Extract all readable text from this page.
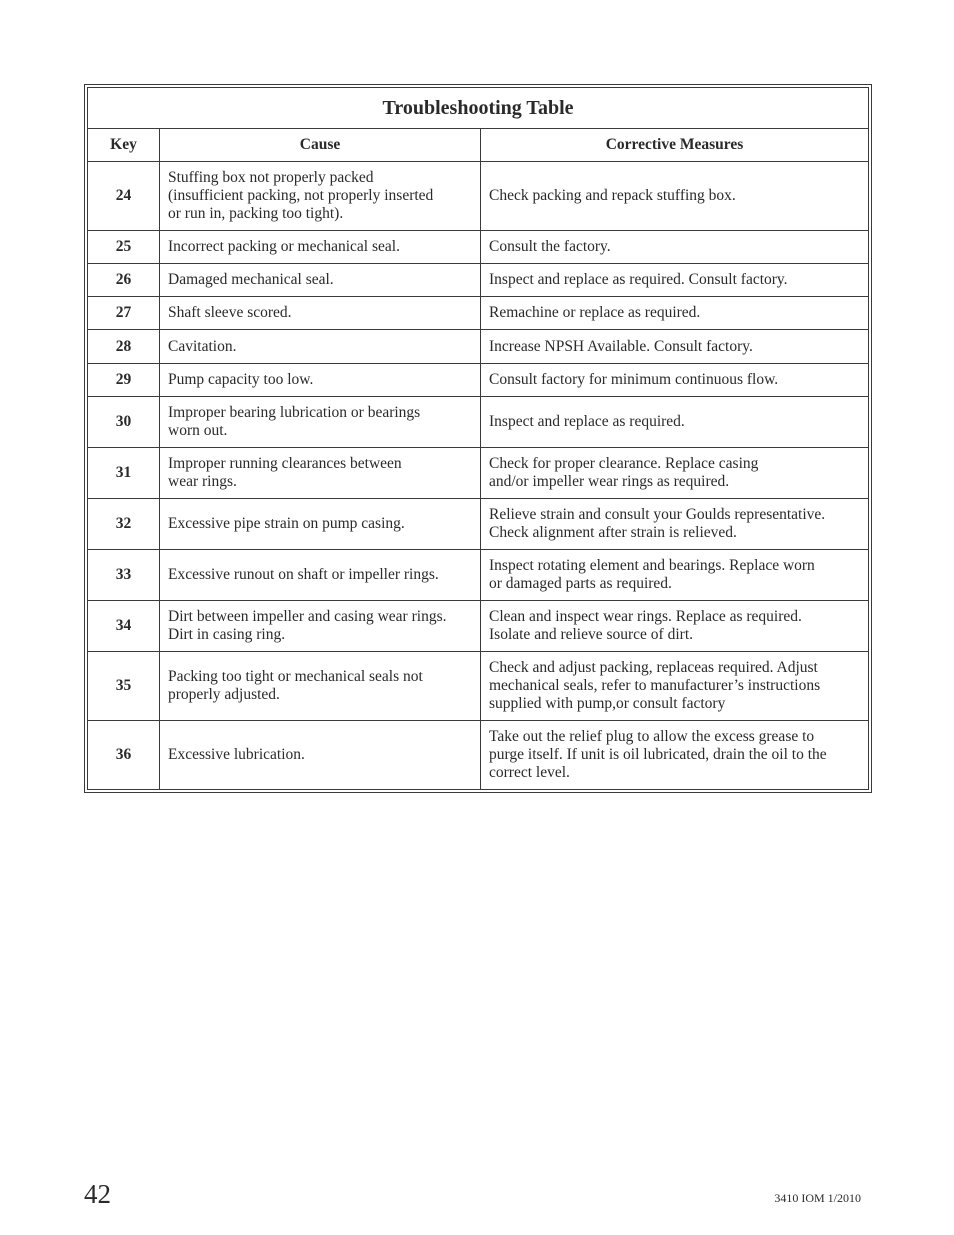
Troubleshooting Table		
Key	Cause	Corrective Measures
24	Stuffing box not properly packed
(insufficient packing, not properly inserted
or run in, packing too tight).	Check packing and repack stuffing box.
25	Incorrect packing or mechanical seal.	Consult the factory.
26	Damaged mechanical seal.	Inspect and replace as required. Consult factory.
27	Shaft sleeve scored.	Remachine or replace as required.
28	Cavitation.	Increase NPSH Available. Consult factory.
29	Pump capacity too low.	Consult factory for minimum continuous flow.
30	Improper bearing lubrication or bearings
worn out.	Inspect and replace as required.
31	Improper running clearances between
wear rings.	Check for proper clearance. Replace casing
and/or impeller wear rings as required.
32	Excessive pipe strain on pump casing.	Relieve strain and consult your Goulds representative.
Check alignment after strain is relieved.
33	Excessive runout on shaft or impeller rings.	Inspect rotating element and bearings. Replace worn
or damaged parts as required.
34	Dirt between impeller and casing wear rings.
Dirt in casing ring.	Clean and inspect wear rings. Replace as required.
Isolate and relieve source of dirt.
35	Packing too tight or mechanical seals not
properly adjusted.	Check and adjust packing, replaceas required. Adjust
mechanical seals, refer to manufacturer’s instructions
supplied with pump,or consult factory
36	Excessive lubrication.	Take out the relief plug to allow the excess grease to
purge itself. If unit is oil lubricated, drain the oil to the
correct level.
42	3410 IOM 1/2010
